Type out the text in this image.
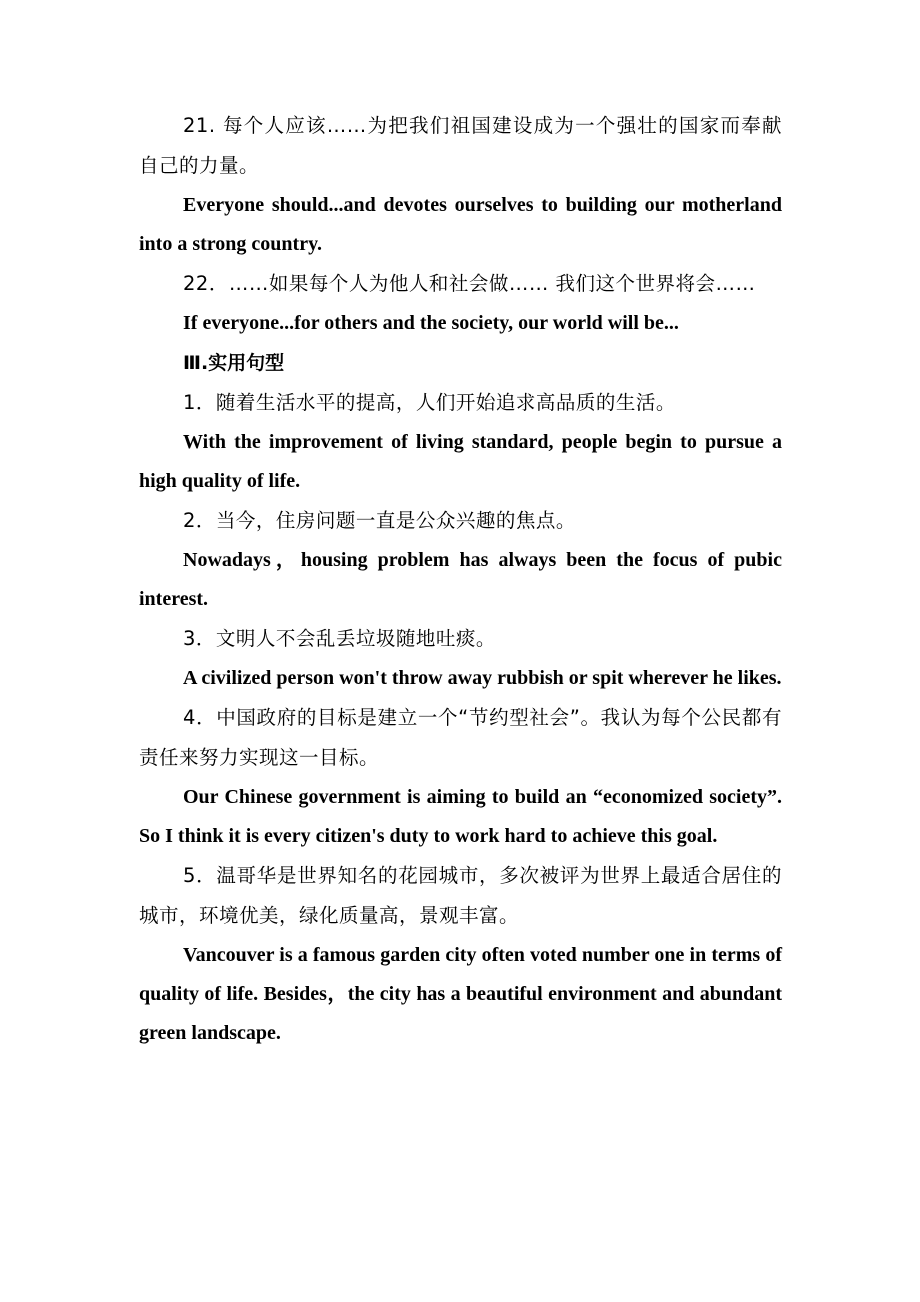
21. 每个人应该……为把我们祖国建设成为一个强壮的国家而奉献自己的力量。

Everyone should...and devotes ourselves to building our motherland into a strong country.

22．……如果每个人为他人和社会做…… 我们这个世界将会……

If everyone...for others and the society, our world will be...

Ⅲ.实用句型

1．随着生活水平的提高，人们开始追求高品质的生活。

With the improvement of living standard, people begin to pursue a high quality of life.

2．当今，住房问题一直是公众兴趣的焦点。

Nowadays，housing problem has always been the focus of pubic interest.

3．文明人不会乱丢垃圾随地吐痰。

A civilized person won't throw away rubbish or spit wherever he likes.

4．中国政府的目标是建立一个“节约型社会”。我认为每个公民都有责任来努力实现这一目标。

Our Chinese government is aiming to build an “economized society”. So I think it is every citizen's duty to work hard to achieve this goal.

5．温哥华是世界知名的花园城市，多次被评为世界上最适合居住的城市，环境优美，绿化质量高，景观丰富。

Vancouver is a famous garden city often voted number one in terms of quality of life. Besides，the city has a beautiful environment and abundant green landscape.
